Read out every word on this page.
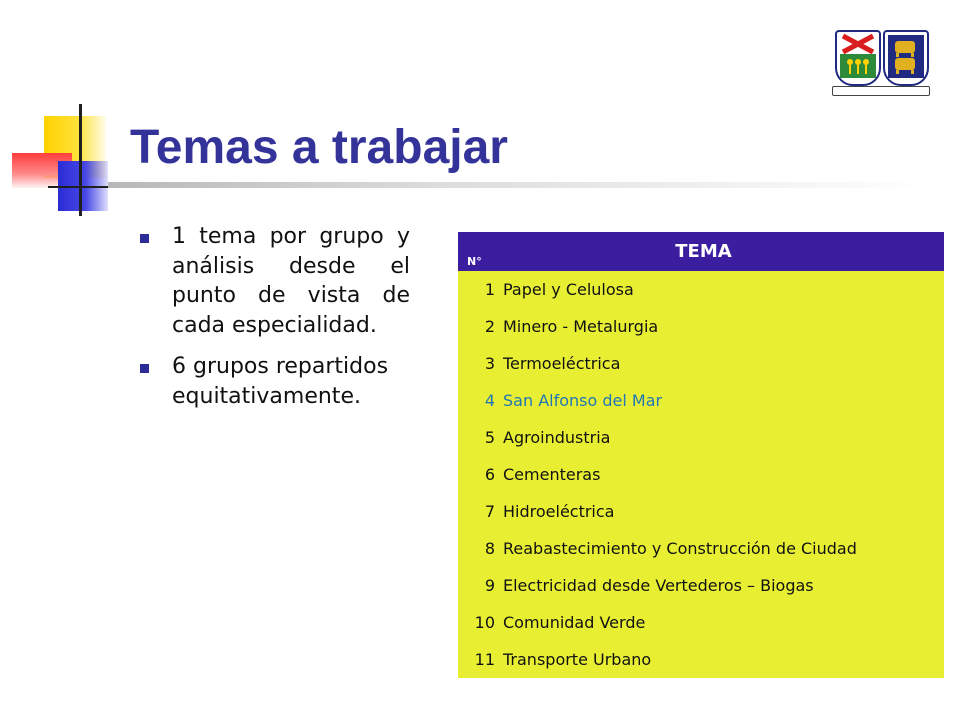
Temas a trabajar
1 tema por grupo y análisis desde el punto de vista de cada especialidad.
6 grupos repartidos equitativamente.
N°	TEMA
1	Papel y Celulosa
2	Minero - Metalurgia
3	Termoeléctrica
4	San Alfonso del Mar
5	Agroindustria
6	Cementeras
7	Hidroeléctrica
8	Reabastecimiento y Construcción de Ciudad
9	Electricidad desde Vertederos – Biogas
10	Comunidad Verde
11	Transporte Urbano
